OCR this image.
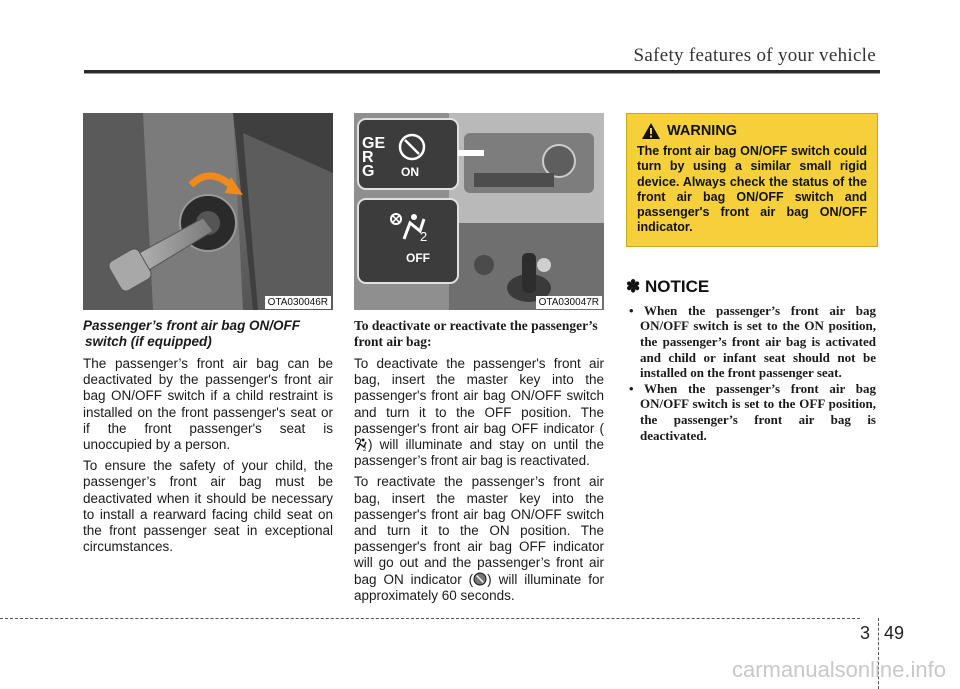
Safety features of your vehicle
OTA030046R
Passenger’s front air bag ON/OFF
switch (if equipped)

The passenger’s front air bag can be deactivated by the passenger's front air bag ON/OFF switch if a child restraint is installed on the front passenger's seat or if the front passenger's seat is unoccupied by a person.

To ensure the safety of your child, the passenger’s front air bag must be deactivated when it should be necessary to install a rearward facing child seat on the front passenger seat in exceptional circumstances.

2
GER G	ON
OFF
OTA030047R
To deactivate or reactivate the passenger’s front air bag:

To deactivate the passenger's front air bag, insert the master key into the passenger's front air bag ON/OFF switch and turn it to the OFF position. The passenger's front air bag OFF indicator (
2 ) will illuminate and stay on until the passenger’s front air bag is reactivated.

To reactivate the passenger’s front air bag, insert the master key into the passenger's front air bag ON/OFF switch and turn it to the ON position. The passenger's front air bag OFF indicator will go out and the passenger’s front air bag ON indicator ( ) will illuminate for approximately 60 seconds.

WARNING

The front air bag ON/OFF switch could turn by using a similar small rigid device. Always check the status of the front air bag ON/OFF switch and passenger's front air bag ON/OFF indicator.

✽ NOTICE
• When the passenger’s front air bag ON/OFF switch is set to the ON position, the passenger’s front air bag is activated and child or infant seat should not be installed on the front passenger seat.
• When the passenger’s front air bag ON/OFF switch is set to the OFF position, the passenger’s front air bag is deactivated.
3 49
carmanualsonline.info
